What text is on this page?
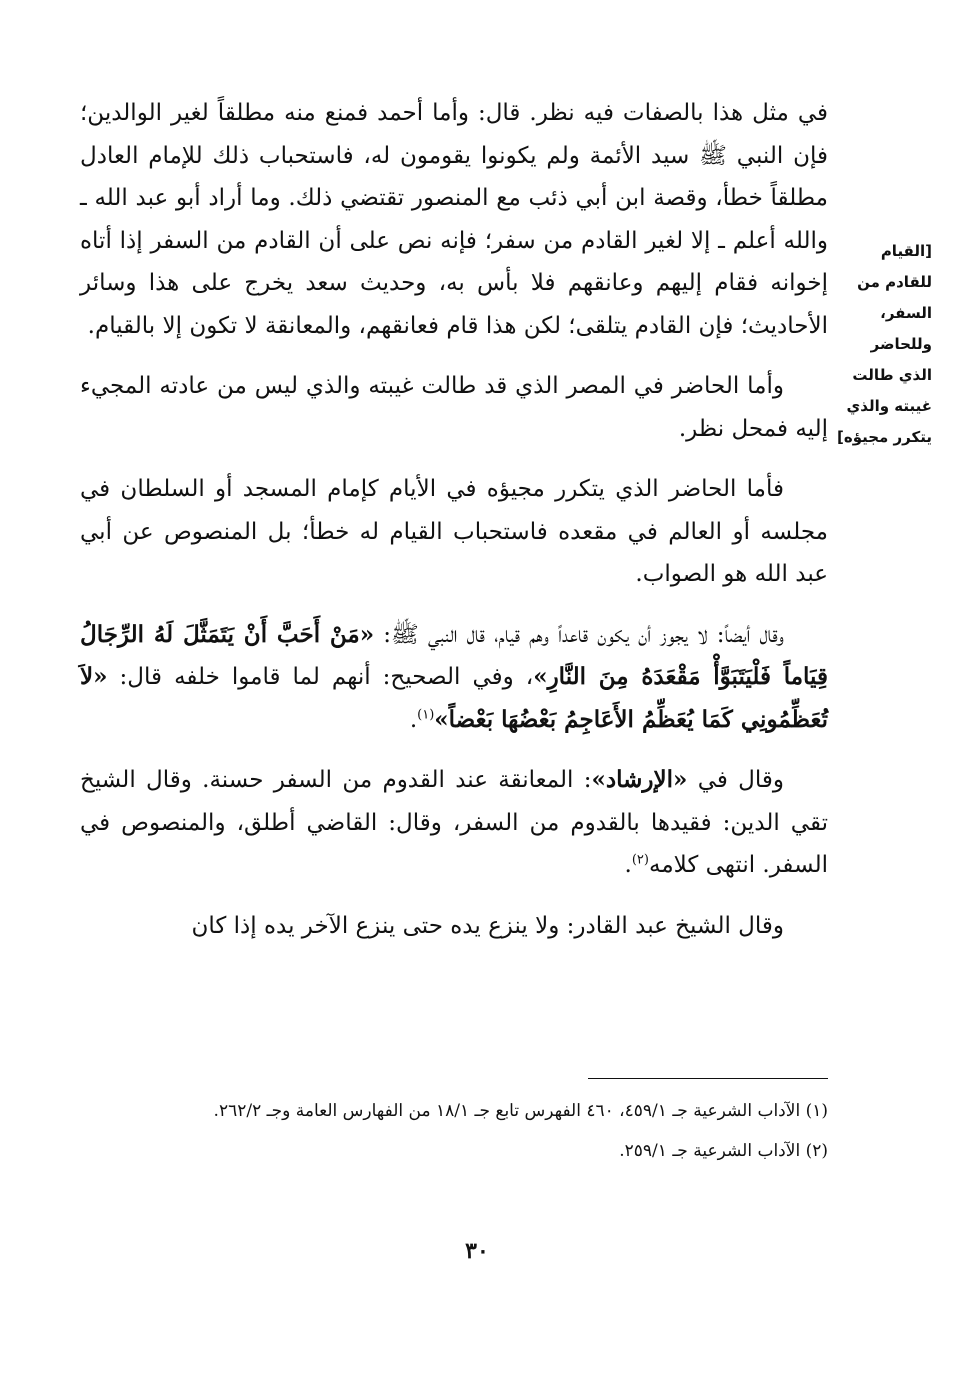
[القيام للقادم من السفر، وللحاضر الذي طالت غيبته والذي يتكرر مجيؤه]

في مثل هذا بالصفات فيه نظر. قال: وأما أحمد فمنع منه مطلقاً لغير الوالدين؛ فإن النبي ﷺ سيد الأئمة ولم يكونوا يقومون له، فاستحباب ذلك للإمام العادل مطلقاً خطأ، وقصة ابن أبي ذئب مع المنصور تقتضي ذلك. وما أراد أبو عبد الله ـ والله أعلم ـ إلا لغير القادم من سفر؛ فإنه نص على أن القادم من السفر إذا أتاه إخوانه فقام إليهم وعانقهم فلا بأس به، وحديث سعد يخرج على هذا وسائر الأحاديث؛ فإن القادم يتلقى؛ لكن هذا قام فعانقهم، والمعانقة لا تكون إلا بالقيام.

وأما الحاضر في المصر الذي قد طالت غيبته والذي ليس من عادته المجيء إليه فمحل نظر.

فأما الحاضر الذي يتكرر مجيؤه في الأيام كإمام المسجد أو السلطان في مجلسه أو العالم في مقعده فاستحباب القيام له خطأ؛ بل المنصوص عن أبي عبد الله هو الصواب.

وقال أيضاً: لا يجوز أن يكون قاعداً وهم قيام، قال النبي ﷺ: «مَنْ أَحَبَّ أَنْ يَتَمَثَّلَ لَهُ الرِّجَالُ قِيَاماً فَلْيَتَبَوَّأْ مَقْعَدَهُ مِنَ النَّارِ»، وفي الصحيح: أنهم لما قاموا خلفه قال: «لاَ تُعَظِّمُونِي كَمَا يُعَظِّمُ الأَعَاجِمُ بَعْضُهَا بَعْضاً»$^{(١)}$.

وقال في «الإرشاد»: المعانقة عند القدوم من السفر حسنة. وقال الشيخ تقي الدين: فقيدها بالقدوم من السفر، وقال: القاضي أطلق، والمنصوص في السفر. انتهى كلامه$^{(٢)}$.

وقال الشيخ عبد القادر: ولا ينزع يده حتى ينزع الآخر يده إذا كان

(١) الآداب الشرعية جـ ٤٥٩/١، ٤٦٠ الفهرس تابع جـ ١٨/١ من الفهارس العامة وجـ ٢٦٢/٢.

(٢) الآداب الشرعية جـ ٢٥٩/١.

٣٠
